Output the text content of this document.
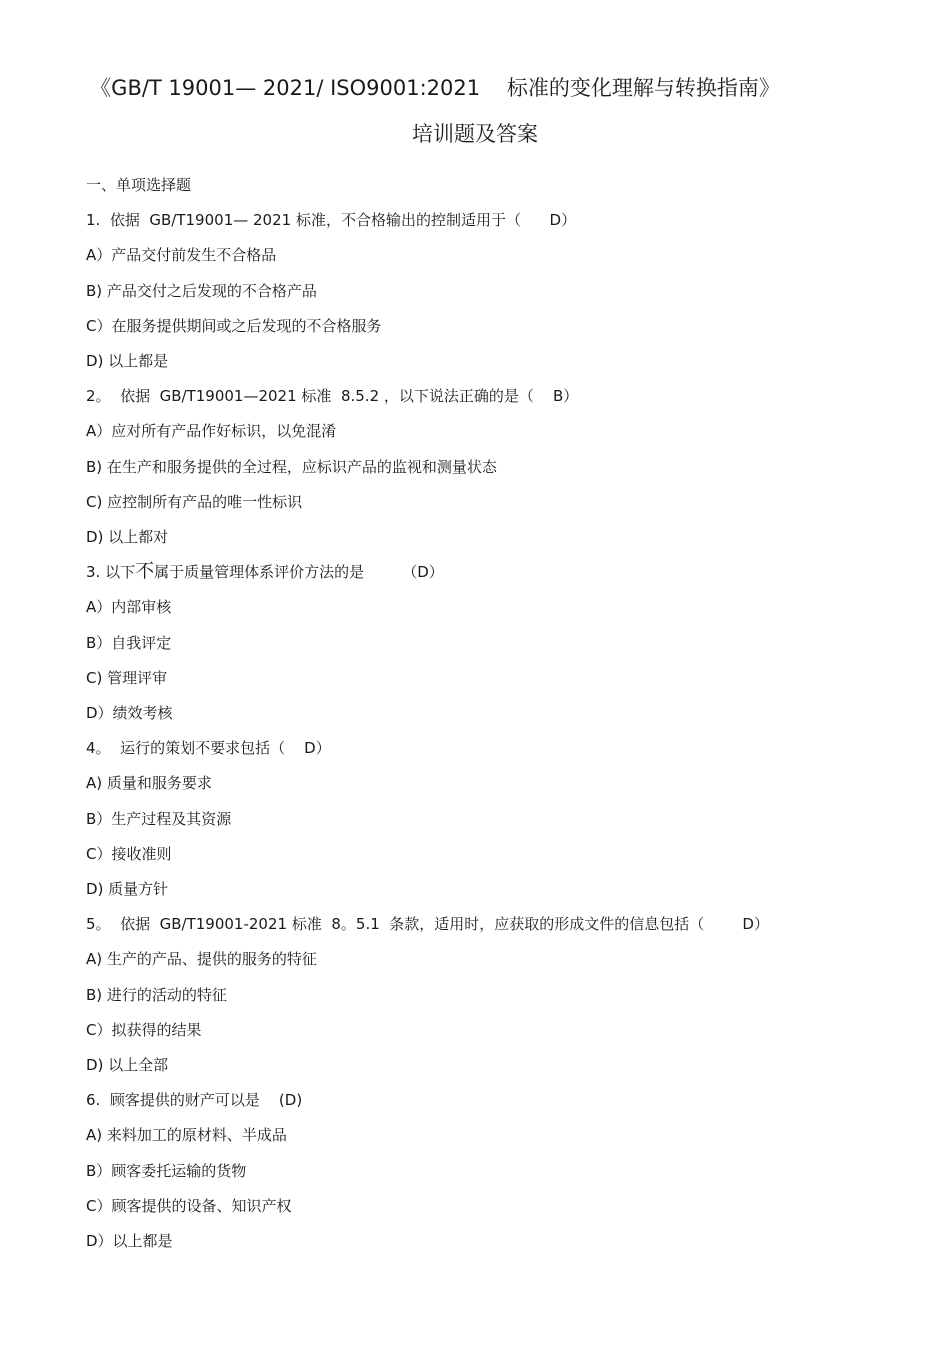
《GB/T 19001— 2021/ ISO9001:2021    标准的变化理解与转换指南》
培训题及答案
一、单项选择题
1.  依据  GB/T19001— 2021 标准，不合格输出的控制适用于（      D）
A）产品交付前发生不合格品
B) 产品交付之后发现的不合格产品
C）在服务提供期间或之后发现的不合格服务
D) 以上都是
2。  依据  GB/T19001—2021 标准  8.5.2 ，以下说法正确的是（    B）
A）应对所有产品作好标识，以免混淆
B) 在生产和服务提供的全过程，应标识产品的监视和测量状态
C) 应控制所有产品的唯一性标识
D) 以上都对
3. 以下不属于质量管理体系评价方法的是        （D）
A）内部审核
B）自我评定
C) 管理评审
D）绩效考核
4。  运行的策划不要求包括（    D）
A) 质量和服务要求
B）生产过程及其资源
C）接收准则
D) 质量方针
5。  依据  GB/T19001-2021 标准  8。5.1  条款，适用时，应获取的形成文件的信息包括（        D）
A) 生产的产品、提供的服务的特征
B) 进行的活动的特征
C）拟获得的结果
D) 以上全部
6.  顾客提供的财产可以是    (D)
A) 来料加工的原材料、半成品
B）顾客委托运输的货物
C）顾客提供的设备、知识产权
D）以上都是
